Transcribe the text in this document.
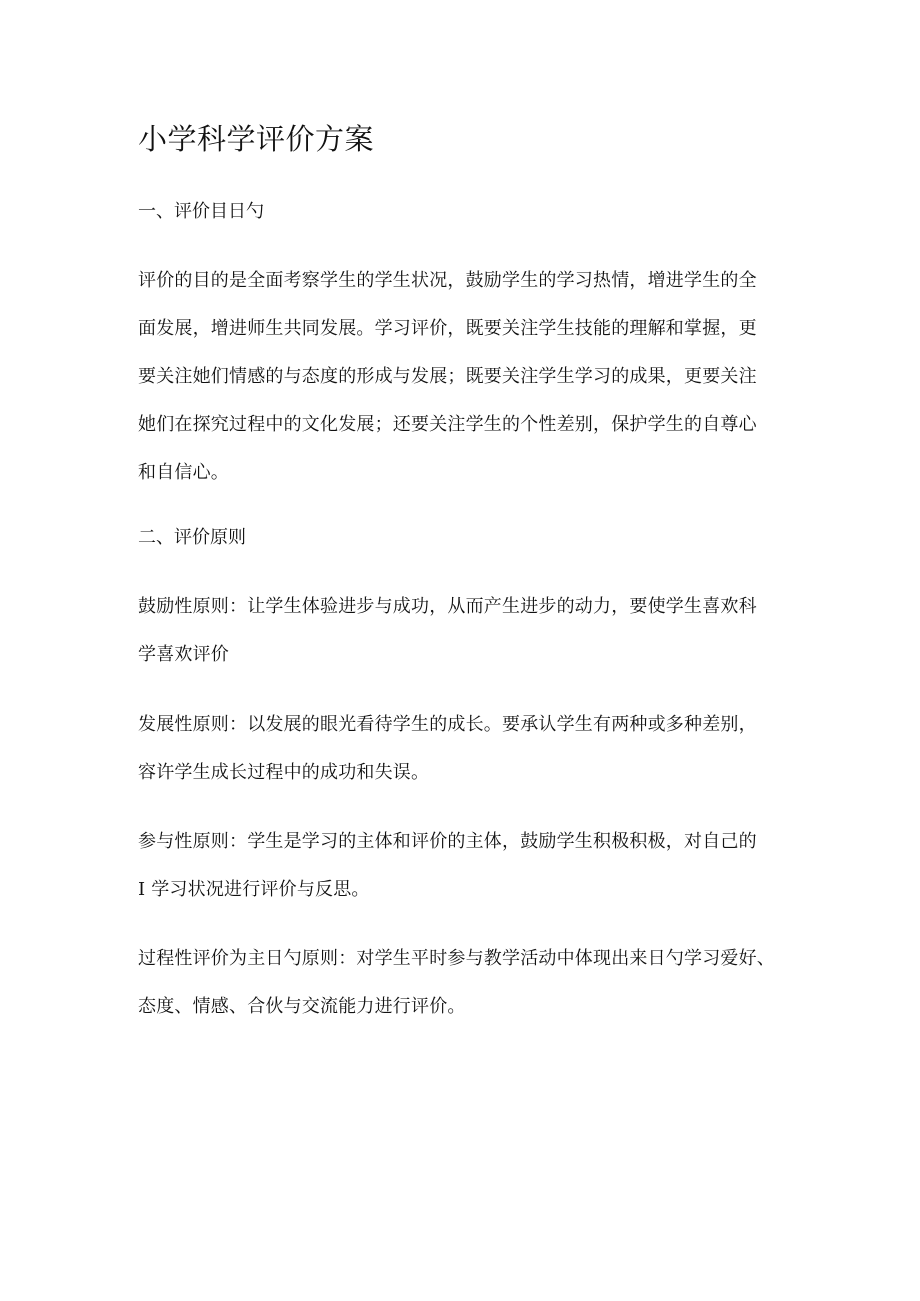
小学科学评价方案
一、评价目日勺
评价的目的是全面考察学生的学生状况，鼓励学生的学习热情，增进学生的全
面发展，增进师生共同发展。学习评价，既要关注学生技能的理解和掌握，更
要关注她们情感的与态度的形成与发展；既要关注学生学习的成果，更要关注
她们在探究过程中的文化发展；还要关注学生的个性差别，保护学生的自尊心
和自信心。
二、评价原则
鼓励性原则：让学生体验进步与成功，从而产生进步的动力，要使学生喜欢科
学喜欢评价
发展性原则：以发展的眼光看待学生的成长。要承认学生有两种或多种差别，
容许学生成长过程中的成功和失误。
参与性原则：学生是学习的主体和评价的主体，鼓励学生积极积极，对自己的
I 学习状况进行评价与反思。
过程性评价为主日勺原则：对学生平时参与教学活动中体现出来日勺学习爱好、
态度、情感、合伙与交流能力进行评价。
